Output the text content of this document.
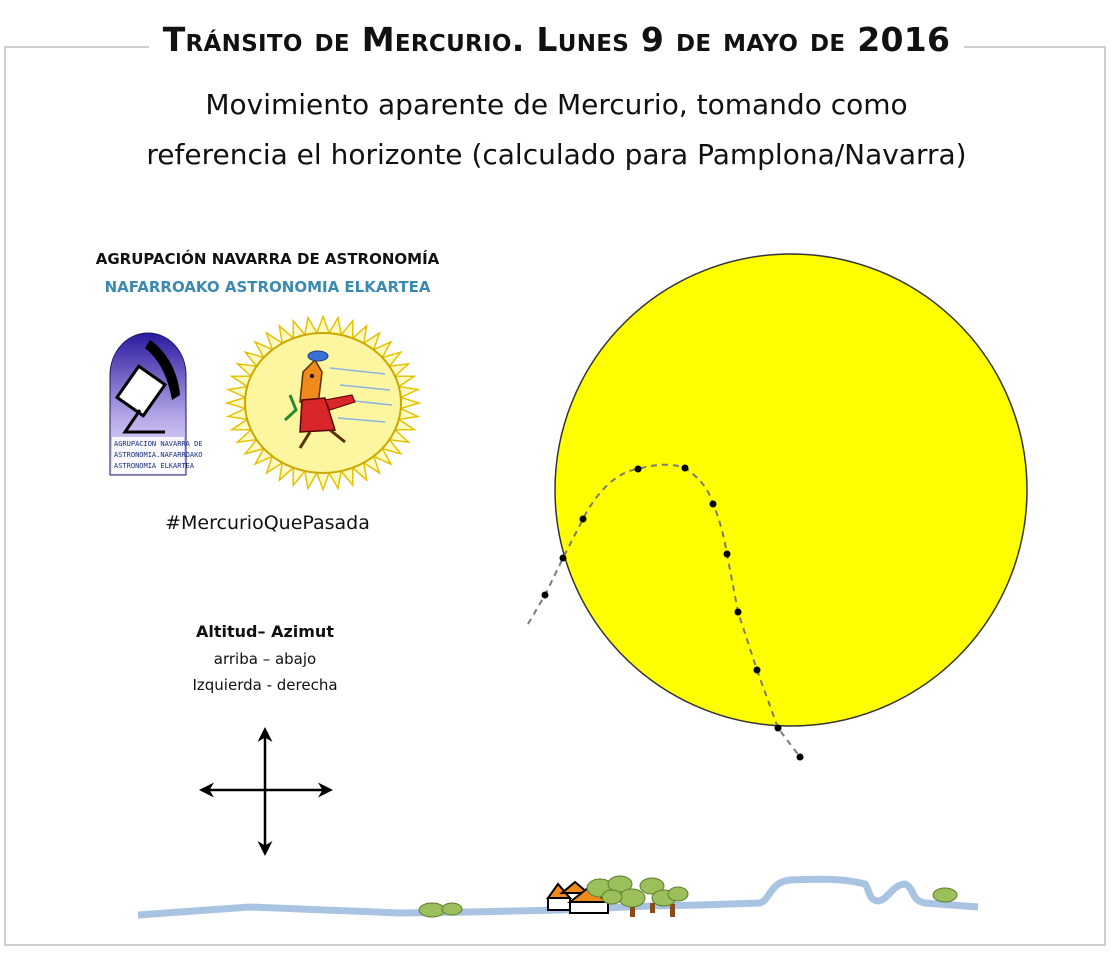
Tránsito de Mercurio. Lunes 9 de mayo de 2016
Movimiento aparente de Mercurio, tomando como
referencia el horizonte (calculado para Pamplona/Navarra)
AGRUPACIÓN NAVARRA DE ASTRONOMÍA
NAFARROAKO ASTRONOMIA ELKARTEA
#MercurioQuePasada
Altitud– Azimut
arriba – abajo
Izquierda - derecha
AGRUPACION NAVARRA DE
ASTRONOMIA.NAFARROAKO
ASTRONOMIA ELKARTEA
